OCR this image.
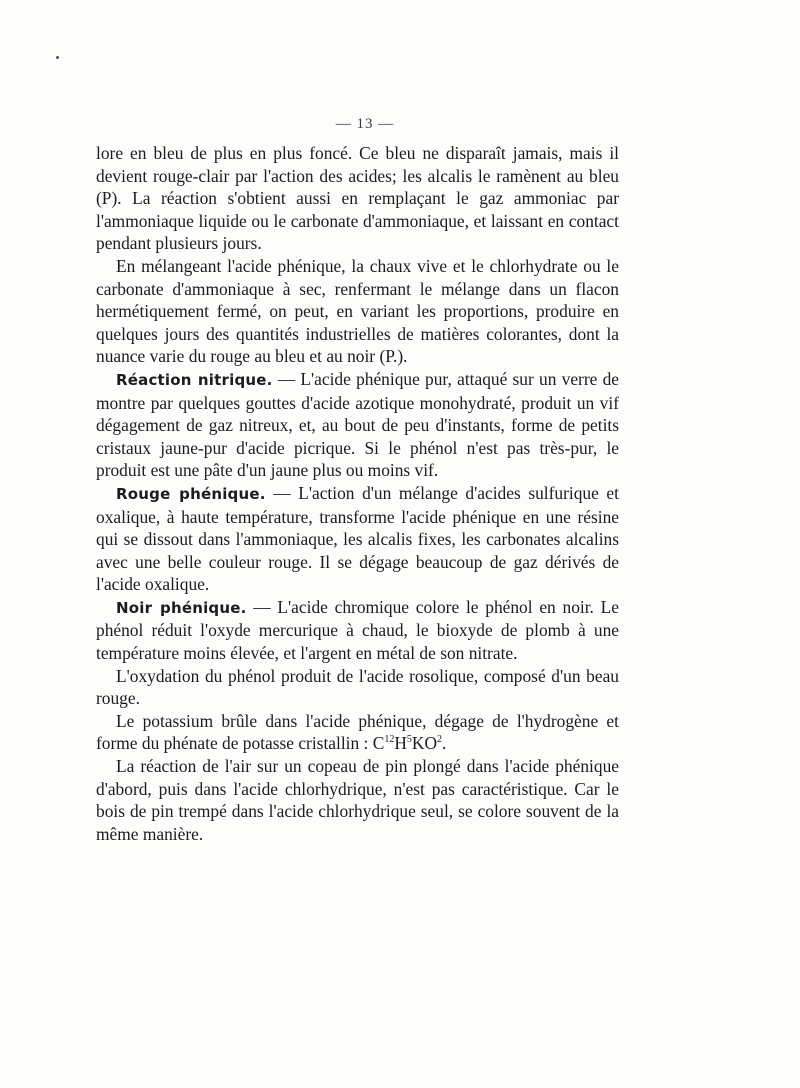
— 13 —

lore en bleu de plus en plus foncé. Ce bleu ne disparaît jamais, mais il devient rouge-clair par l'action des acides; les alcalis le ramènent au bleu (P). La réaction s'obtient aussi en remplaçant le gaz ammoniac par l'ammoniaque liquide ou le carbonate d'ammoniaque, et laissant en contact pendant plusieurs jours.

En mélangeant l'acide phénique, la chaux vive et le chlorhydrate ou le carbonate d'ammoniaque à sec, renfermant le mélange dans un flacon hermétiquement fermé, on peut, en variant les proportions, produire en quelques jours des quantités industrielles de matières colorantes, dont la nuance varie du rouge au bleu et au noir (P.).

Réaction nitrique. — L'acide phénique pur, attaqué sur un verre de montre par quelques gouttes d'acide azotique monohydraté, produit un vif dégagement de gaz nitreux, et, au bout de peu d'instants, forme de petits cristaux jaune-pur d'acide picrique. Si le phénol n'est pas très-pur, le produit est une pâte d'un jaune plus ou moins vif.

Rouge phénique. — L'action d'un mélange d'acides sulfurique et oxalique, à haute température, transforme l'acide phénique en une résine qui se dissout dans l'ammoniaque, les alcalis fixes, les carbonates alcalins avec une belle couleur rouge. Il se dégage beaucoup de gaz dérivés de l'acide oxalique.

Noir phénique. — L'acide chromique colore le phénol en noir. Le phénol réduit l'oxyde mercurique à chaud, le bioxyde de plomb à une température moins élevée, et l'argent en métal de son nitrate.

L'oxydation du phénol produit de l'acide rosolique, composé d'un beau rouge.

Le potassium brûle dans l'acide phénique, dégage de l'hydrogène et forme du phénate de potasse cristallin : $C^{12}H^5KO^2$.

La réaction de l'air sur un copeau de pin plongé dans l'acide phénique d'abord, puis dans l'acide chlorhydrique, n'est pas caractéristique. Car le bois de pin trempé dans l'acide chlorhydrique seul, se colore souvent de la même manière.
